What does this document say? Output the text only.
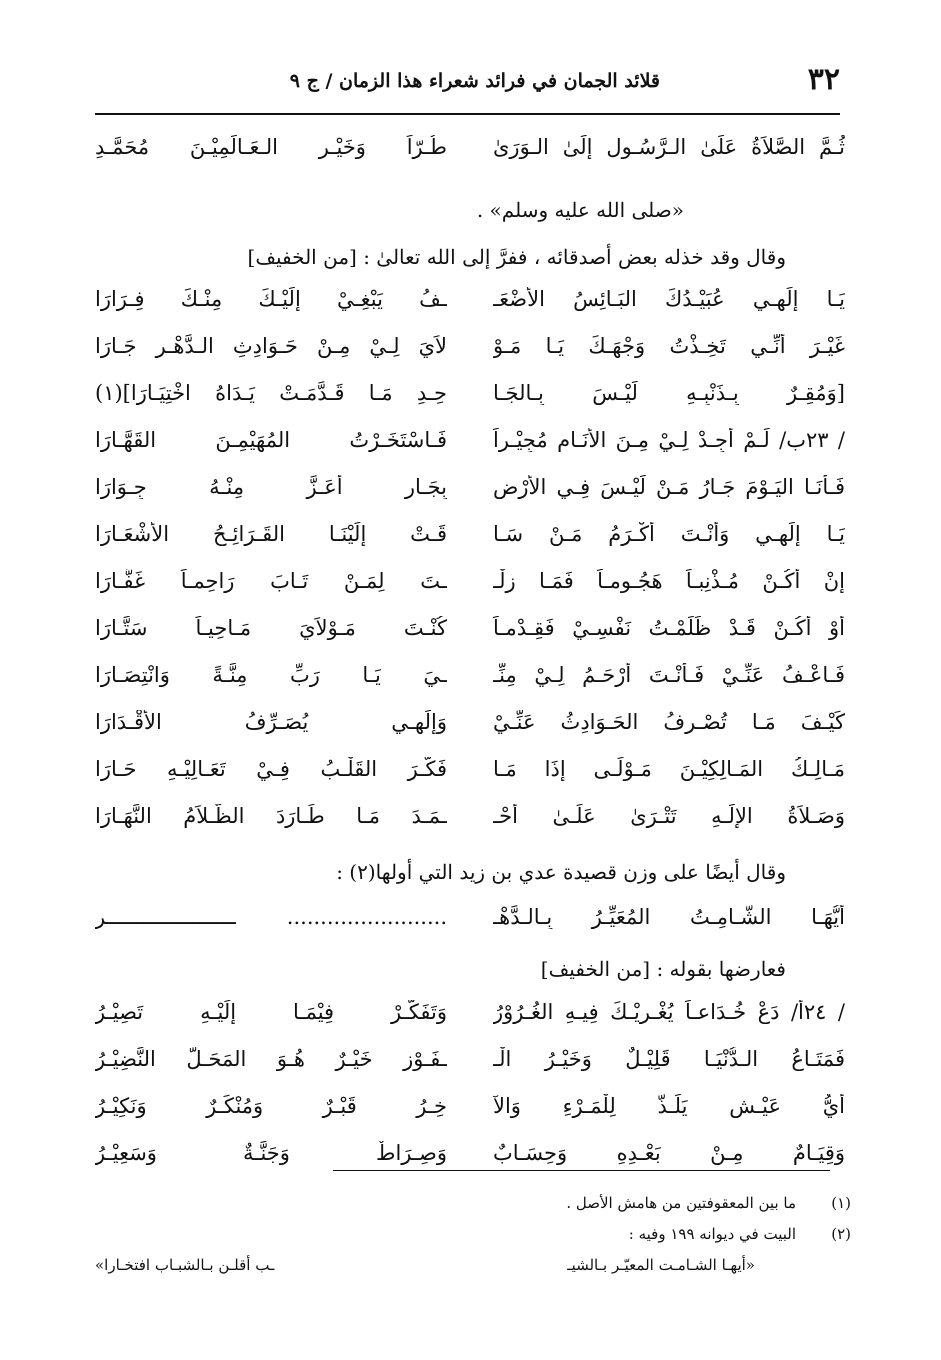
٣٢
قلائد الجمان في فرائد شعراء هذا الزمان / ج ٩
ثُـمَّ الصَّلاَةُ عَلَىٰ الـرَّسُـولِ إِلَىٰ الـوَرَىٰ
طُـرّاً وَخَيْـرِ الـعَـالَمِيْـنَ مُحَمَّـدِ
«صلى الله عليه وسلم» .
وقال وقد خذله بعض أصدقائه ، ففرَّ إلى الله تعالىٰ : [من الخفيف]
يَـا إِلَهِـي عُبَيْـدُكَ البَـائِسُ الأَضْعَـ
ـفُ يَبْغِـيْ إِلَيْـكَ مِنْـكَ فِـرَارَا
غَيْـرَ أَنِّـي تَخِـذْتُ وَجْهَـكَ يَـا مَـوْ
لاَيَ لِـيْ مِـنْ حَـوَادِثِ الـدَّهْـرِ جَـارَا
[وَمُقِـرٌ بِـذَنْبِـهِ لَيْـسَ بِـالجَـا
حِـدِ مَـا قَـدَّمَـتْ يَـدَاهُ اخْتِيَـارَا](١)
/ ٢٣ب/ لَـمْ أَجِـدْ لِـيْ مِـنَ الأَنَـامِ مُجِيْـراً
فَـاسْتَخَـرْتُ المُهَيْمِـنَ القَهَّـارَا
فَـأَنَـا اليَـوْمَ جَـارُ مَـنْ لَيْـسَ فِـي الأَرْضِ
بِجَـارٍ أَعَـزَّ مِنْـهُ جِـوَارَا
يَـا إِلَهِـي وَأَنْـتَ أَكْـرَمُ مَـنْ سَـا
قَـتْ إِلَيْنَـا القَـرَائِـحُ الأَشْعَـارَا
إِنْ أَكُـنْ مُـذْنِبـاً هَجُـومـاً فَمَـا زِلْـ
ـتَ لِمَـنْ تَـابَ رَاحِمـاً غَفَّـارَا
أَوْ أَكُـنْ قَـدْ ظَلَمْـتُ نَفْسِـيْ فَقِـدْمـاً
كُنْـتَ مَـوْلاَيَ مَـاحِيـاً سَتَّـارَا
فَـاعْـفُ عَنِّـيْ فَـأَنْـتَ أَرْحَـمُ لِـيْ مِنِّـ
ـيَ يَـا رَبِّ مِنَّـةً وَانْتِصَـارَا
كَيْـفَ مَـا تُصْـرِفُ الحَـوَادِثُ عَنِّـيْ
وَإِلَهِـي يُصَـرِّفُ الأَقْـدَارَا
مَـالِـكُ المَـالِكِيْـنَ مَـوْلًـى إِذَا مَـا
فَكَّـرَ القَلْـبُ فِـيْ تَعَـالِيْـهِ حَـارَا
وَصَـلاَةُ الإِلَـهِ تَتْـرَىٰ عَلَـىٰ أَحْـ
ـمَـدَ مَـا طَـارَدَ الظَّـلاَمُ النَّهَـارَا
وقال أيضًا على وزن قصيدة عدي بن زيد التي أولها(٢) :
أَيُّهَـا الشَّـامِـتُ المُعَيِّـرُ بِـالـدَّهْـ
........................ ـــــــــــــــــــــرِ
فعارضها بقوله : [من الخفيف]
/ ٢٤أ/ دَعْ خُـدَاعـاً يُغْـرِيْـكَ فِيـهِ الغُـرُوْرُ
وَتَفَكَّـرْ فِيْمَـا إِلَيْـهِ تَصِيْـرُ
فَمَتَـاعُ الـدُّنْيَـا قَلِيْـلٌ وَخَيْـرُ الْـ
ـفَـوْزِ خَيْـرٌ هُـوَ المَحَـلُّ النَّضِيْـرُ
أَيُّ عَيْـشٍ يَلَـذُّ لِلْمَـرْءِ وَالآ
خِـرُ قَبْـرٌ وَمُنْكَـرٌ وَنَكِيْـرُ
وَقِيَـامٌ مِـنْ بَعْـدِهِ وَحِسَـابٌ
وَصِـرَاطٌ وَجَنَّـةٌ وَسَعِيْـرُ
(١)
ما بين المعقوفتين من هامش الأصل .
(٢)
البيت في ديوانه ١٩٩ وفيه :
«أيهـا الشـامـت المعيّـر بـالشيـ
ـب أقلـن بـالشبـاب افتخـارا»
